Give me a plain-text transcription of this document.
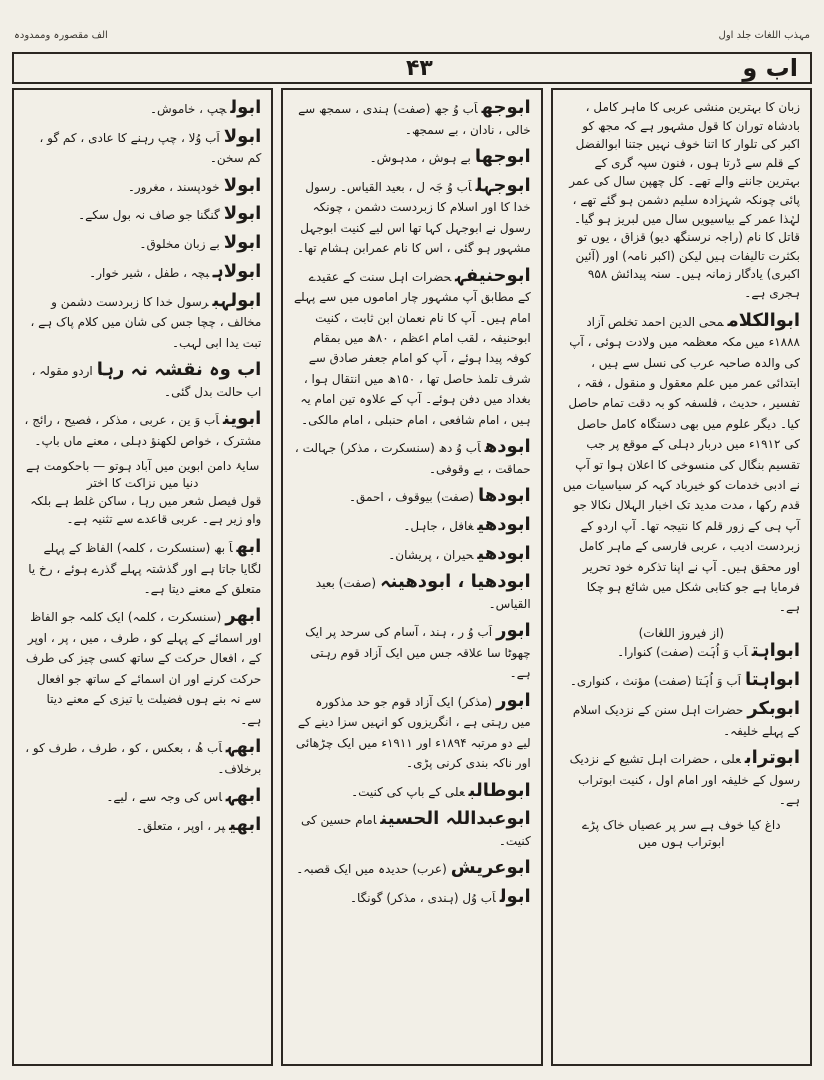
الف مقصورہ وممدودہ	مہذب اللغات جلد اول
۴۳	اب و
زبان کا بہترین منشی عربی کا ماہر کامل ، بادشاہ توران کا قول مشہور ہے کہ مجھ کو اکبر کی تلوار کا اتنا خوف نہیں جتنا ابوالفضل کے قلم سے ڈرتا ہوں ، فنون سپہ گری کے بہترین جاننے والے تھے۔ کل چھپن سال کی عمر پائی چونکہ شہزادہ سلیم دشمن ہو گئے تھے ، لہٰذا عمر کے بیاسیویں سال میں لبریز ہو گیا۔ قاتل کا نام (راجہ نرسنگھ دیو) قزاق ، یوں تو بکثرت تالیفات ہیں لیکن (اکبر نامہ) اور (آئین اکبری) یادگار زمانہ ہیں۔ سنہ پیدائش ۹۵۸ ہجری ہے۔
ابوالکلاممحی الدین احمد تخلص آزاد ۱۸۸۸ء میں مکہ معظمہ میں ولادت ہوئی ، آپ کی والدہ صاحبہ عرب کی نسل سے ہیں ، ابتدائی عمر میں علم معقول و منقول ، فقہ ، تفسیر ، حدیث ، فلسفہ کو بہ دقت تمام حاصل کیا۔ دیگر علوم میں بھی دستگاہ کامل حاصل کی ۱۹۱۲ء میں دربار دہلی کے موقع پر جب تقسیم بنگال کی منسوخی کا اعلان ہوا تو آپ نے ادبی خدمات کو خیرباد کہہ کر سیاسیات میں قدم رکھا ، مدت مدید تک اخبار الہلال نکالا جو آپ ہی کے زور قلم کا نتیجہ تھا۔ آپ اردو کے زبردست ادیب ، عربی فارسی کے ماہر کامل اور محقق ہیں۔ آپ نے اپنا تذکرہ خود تحریر فرمایا ہے جو کتابی شکل میں شائع ہو چکا ہے۔
(از فیروز اللغات)
ابواہتاَب وَ اُہَت (صفت) کنوارا۔
ابواہتااَب وَ اُہَتا (صفت) مؤنث ، کنواری۔
ابوبکرحضرات اہل سنن کے نزدیک اسلام کے پہلے خلیفہ۔
ابوترابعلی ، حضرات اہل تشیع کے نزدیک رسول کے خلیفہ اور امام اول ، کنیت ابوتراب ہے۔
داغ کیا خوف ہے سر پر عصیاں خاک پڑے ابوتراب ہوں میں
ابوجھاَب وُ جھ (صفت) ہندی ، سمجھ سے خالی ، نادان ، بے سمجھ۔
ابوجھابے ہوش ، مدہوش۔
ابوجہلاَب وُ جَہ ل ، بعید القیاس۔ رسول خدا کا اور اسلام کا زبردست دشمن ، چونکہ رسول نے ابوجہل کہا تھا اس لیے کنیت ابوجہل مشہور ہو گئی ، اس کا نام عمرابن ہشام تھا۔
ابوحنیفہحضرات اہل سنت کے عقیدے کے مطابق آپ مشہور چار اماموں میں سے پہلے امام ہیں۔ آپ کا نام نعمان ابن ثابت ، کنیت ابوحنیفہ ، لقب امام اعظم ، ۸۰ھ میں بمقام کوفہ پیدا ہوئے ، آپ کو امام جعفر صادق سے شرف تلمذ حاصل تھا ، ۱۵۰ھ میں انتقال ہوا ، بغداد میں دفن ہوئے۔ آپ کے علاوہ تین امام یہ ہیں ، امام شافعی ، امام حنبلی ، امام مالکی۔
ابودھاَب وُ دھ (سنسکرت ، مذکر) جہالت ، حماقت ، بے وقوفی۔
ابودھا(صفت) بیوقوف ، احمق۔
ابودھیغافل ، جاہل۔
ابودھیحیران ، پریشان۔
ابودھیا ، ابودھینہ(صفت) بعید القیاس۔
ابوراَب وُ ر ، ہند ، آسام کی سرحد پر ایک چھوٹا سا علاقہ جس میں ایک آزاد قوم رہتی ہے۔
ابور(مذکر) ایک آزاد قوم جو حد مذکورہ میں رہتی ہے ، انگریزوں کو انہیں سزا دینے کے لیے دو مرتبہ ۱۸۹۴ء اور ۱۹۱۱ء میں ایک چڑھائی اور ناکہ بندی کرنی پڑی۔
ابوطالبعلی کے باپ کی کنیت۔
ابوعبداللہ الحسینامام حسین کی کنیت۔
ابوعریش(عرب) حدیدہ میں ایک قصبہ۔
ابولاَب وُل (ہندی ، مذکر) گونگا۔
ابولچپ ، خاموش۔
ابولااَب وُلا ، چپ رہنے کا عادی ، کم گو ، کم سخن۔
ابولاخودپسند ، مغرور۔
ابولاگنگنا جو صاف نہ بول سکے۔
ابولابے زبان مخلوق۔
ابولاہبچہ ، طفل ، شیر خوار۔
ابولہبرسول خدا کا زبردست دشمن و مخالف ، چچا جس کی شان میں کلام پاک ہے ، تبت یدا ابی لہب۔
اب وہ نقشہ نہ رہااردو مقولہ ، اب حالت بدل گئی۔
ابویناَب وَ ین ، عربی ، مذکر ، فصیح ، رائج ، مشترک ، خواص لکھنؤ دہلی ، معنے ماں باپ۔
سایۂ دامن ابوین میں آباد ہوتو — باحکومت ہے دنیا میں نزاکت کا اختر
قول فیصل شعر میں رہا ، ساکن غلط ہے بلکہ واو زیر ہے۔ عربی قاعدے سے تثنیہ ہے۔
ابھاَ بھ (سنسکرت ، کلمہ) الفاظ کے پہلے لگایا جاتا ہے اور گذشتہ پہلے گذرے ہوئے ، رخ یا متعلق کے معنے دیتا ہے۔
ابھر(سنسکرت ، کلمہ) ایک کلمہ جو الفاظ اور اسمائے کے پہلے کو ، طرف ، میں ، پر ، اوپر کے ، افعال حرکت کے ساتھ کسی چیز کی طرف حرکت کرنے اور ان اسمائے کے ساتھ جو افعال سے نہ بنے ہوں فضیلت یا تیزی کے معنے دیتا ہے۔
ابھہاَب ھُ ، بعکس ، کو ، طرف ، طرف کو ، برخلاف۔
ابھہاس کی وجہ سے ، لیے۔
ابھیپر ، اوپر ، متعلق۔
